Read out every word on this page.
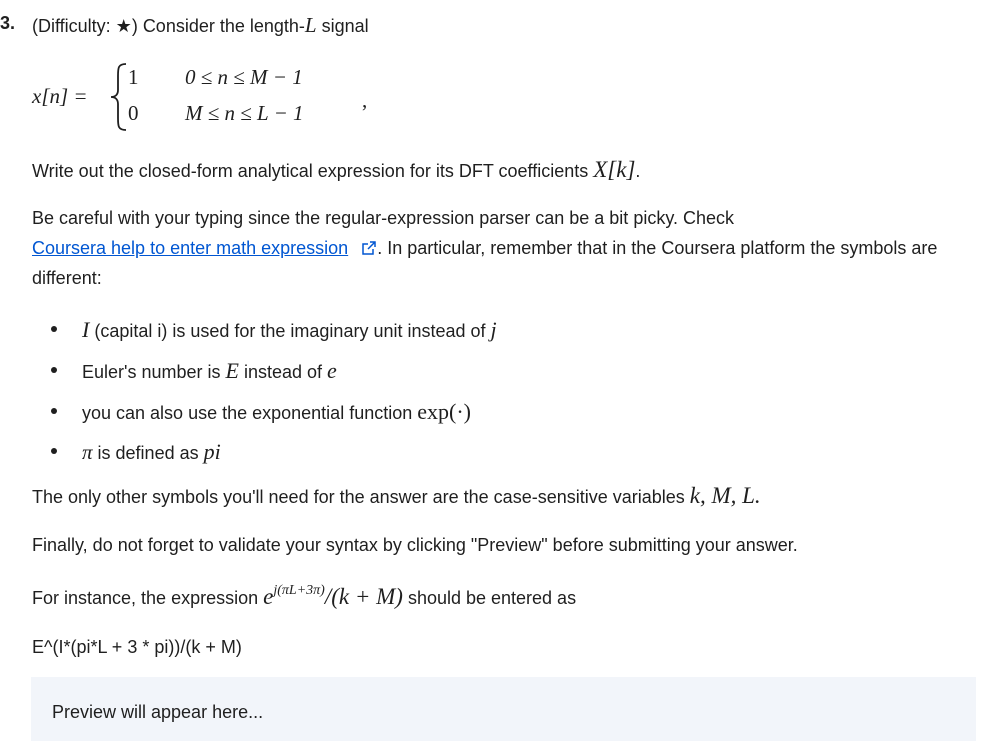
3. (Difficulty: ★) Consider the length-L signal
x[n] =
1 0 ≤ n ≤ M − 1
0 M ≤ n ≤ L − 1
,
Write out the closed-form analytical expression for its DFT coefficients X[k].
Be careful with your typing since the regular-expression parser can be a bit picky. Check
Coursera help to enter math expression . In particular, remember that in the Coursera platform the symbols are
different:
I (capital i) is used for the imaginary unit instead of j
Euler's number is E instead of e
you can also use the exponential function exp(·)
π is defined as pi
The only other symbols you'll need for the answer are the case-sensitive variables k, M, L.
Finally, do not forget to validate your syntax by clicking "Preview" before submitting your answer.
For instance, the expression $e^{j(\pi L+3\pi)}/(k + M)$ should be entered as
E^(I*(pi*L + 3 * pi))/(k + M)
Preview will appear here...
